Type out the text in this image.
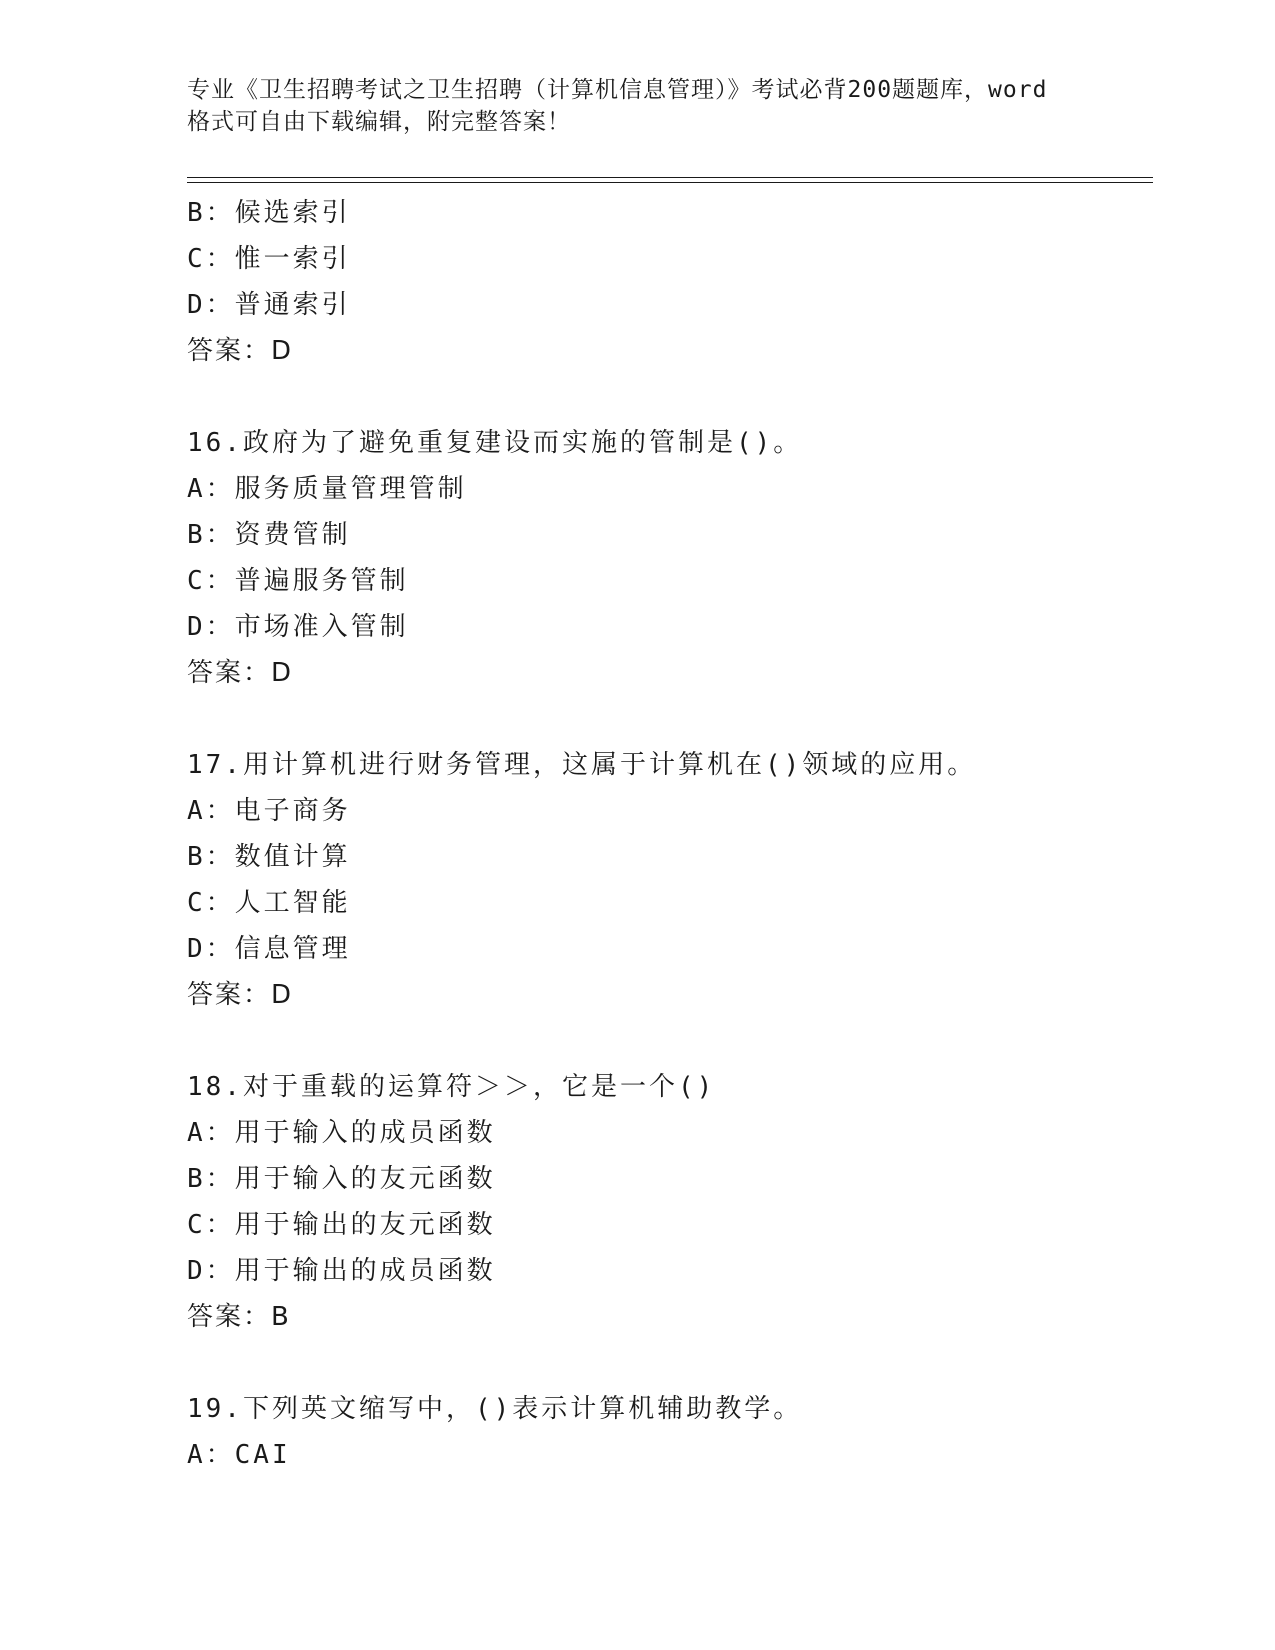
专业《卫生招聘考试之卫生招聘（计算机信息管理）》考试必背200题题库，word
格式可自由下载编辑，附完整答案！
B：候选索引
C：惟一索引
D：普通索引
答案：D
16.政府为了避免重复建设而实施的管制是()。
A：服务质量管理管制
B：资费管制
C：普遍服务管制
D：市场准入管制
答案：D
17.用计算机进行财务管理，这属于计算机在()领域的应用。
A：电子商务
B：数值计算
C：人工智能
D：信息管理
答案：D
18.对于重载的运算符＞＞，它是一个()
A：用于输入的成员函数
B：用于输入的友元函数
C：用于输出的友元函数
D：用于输出的成员函数
答案：B
19.下列英文缩写中，()表示计算机辅助教学。
A：CAI
